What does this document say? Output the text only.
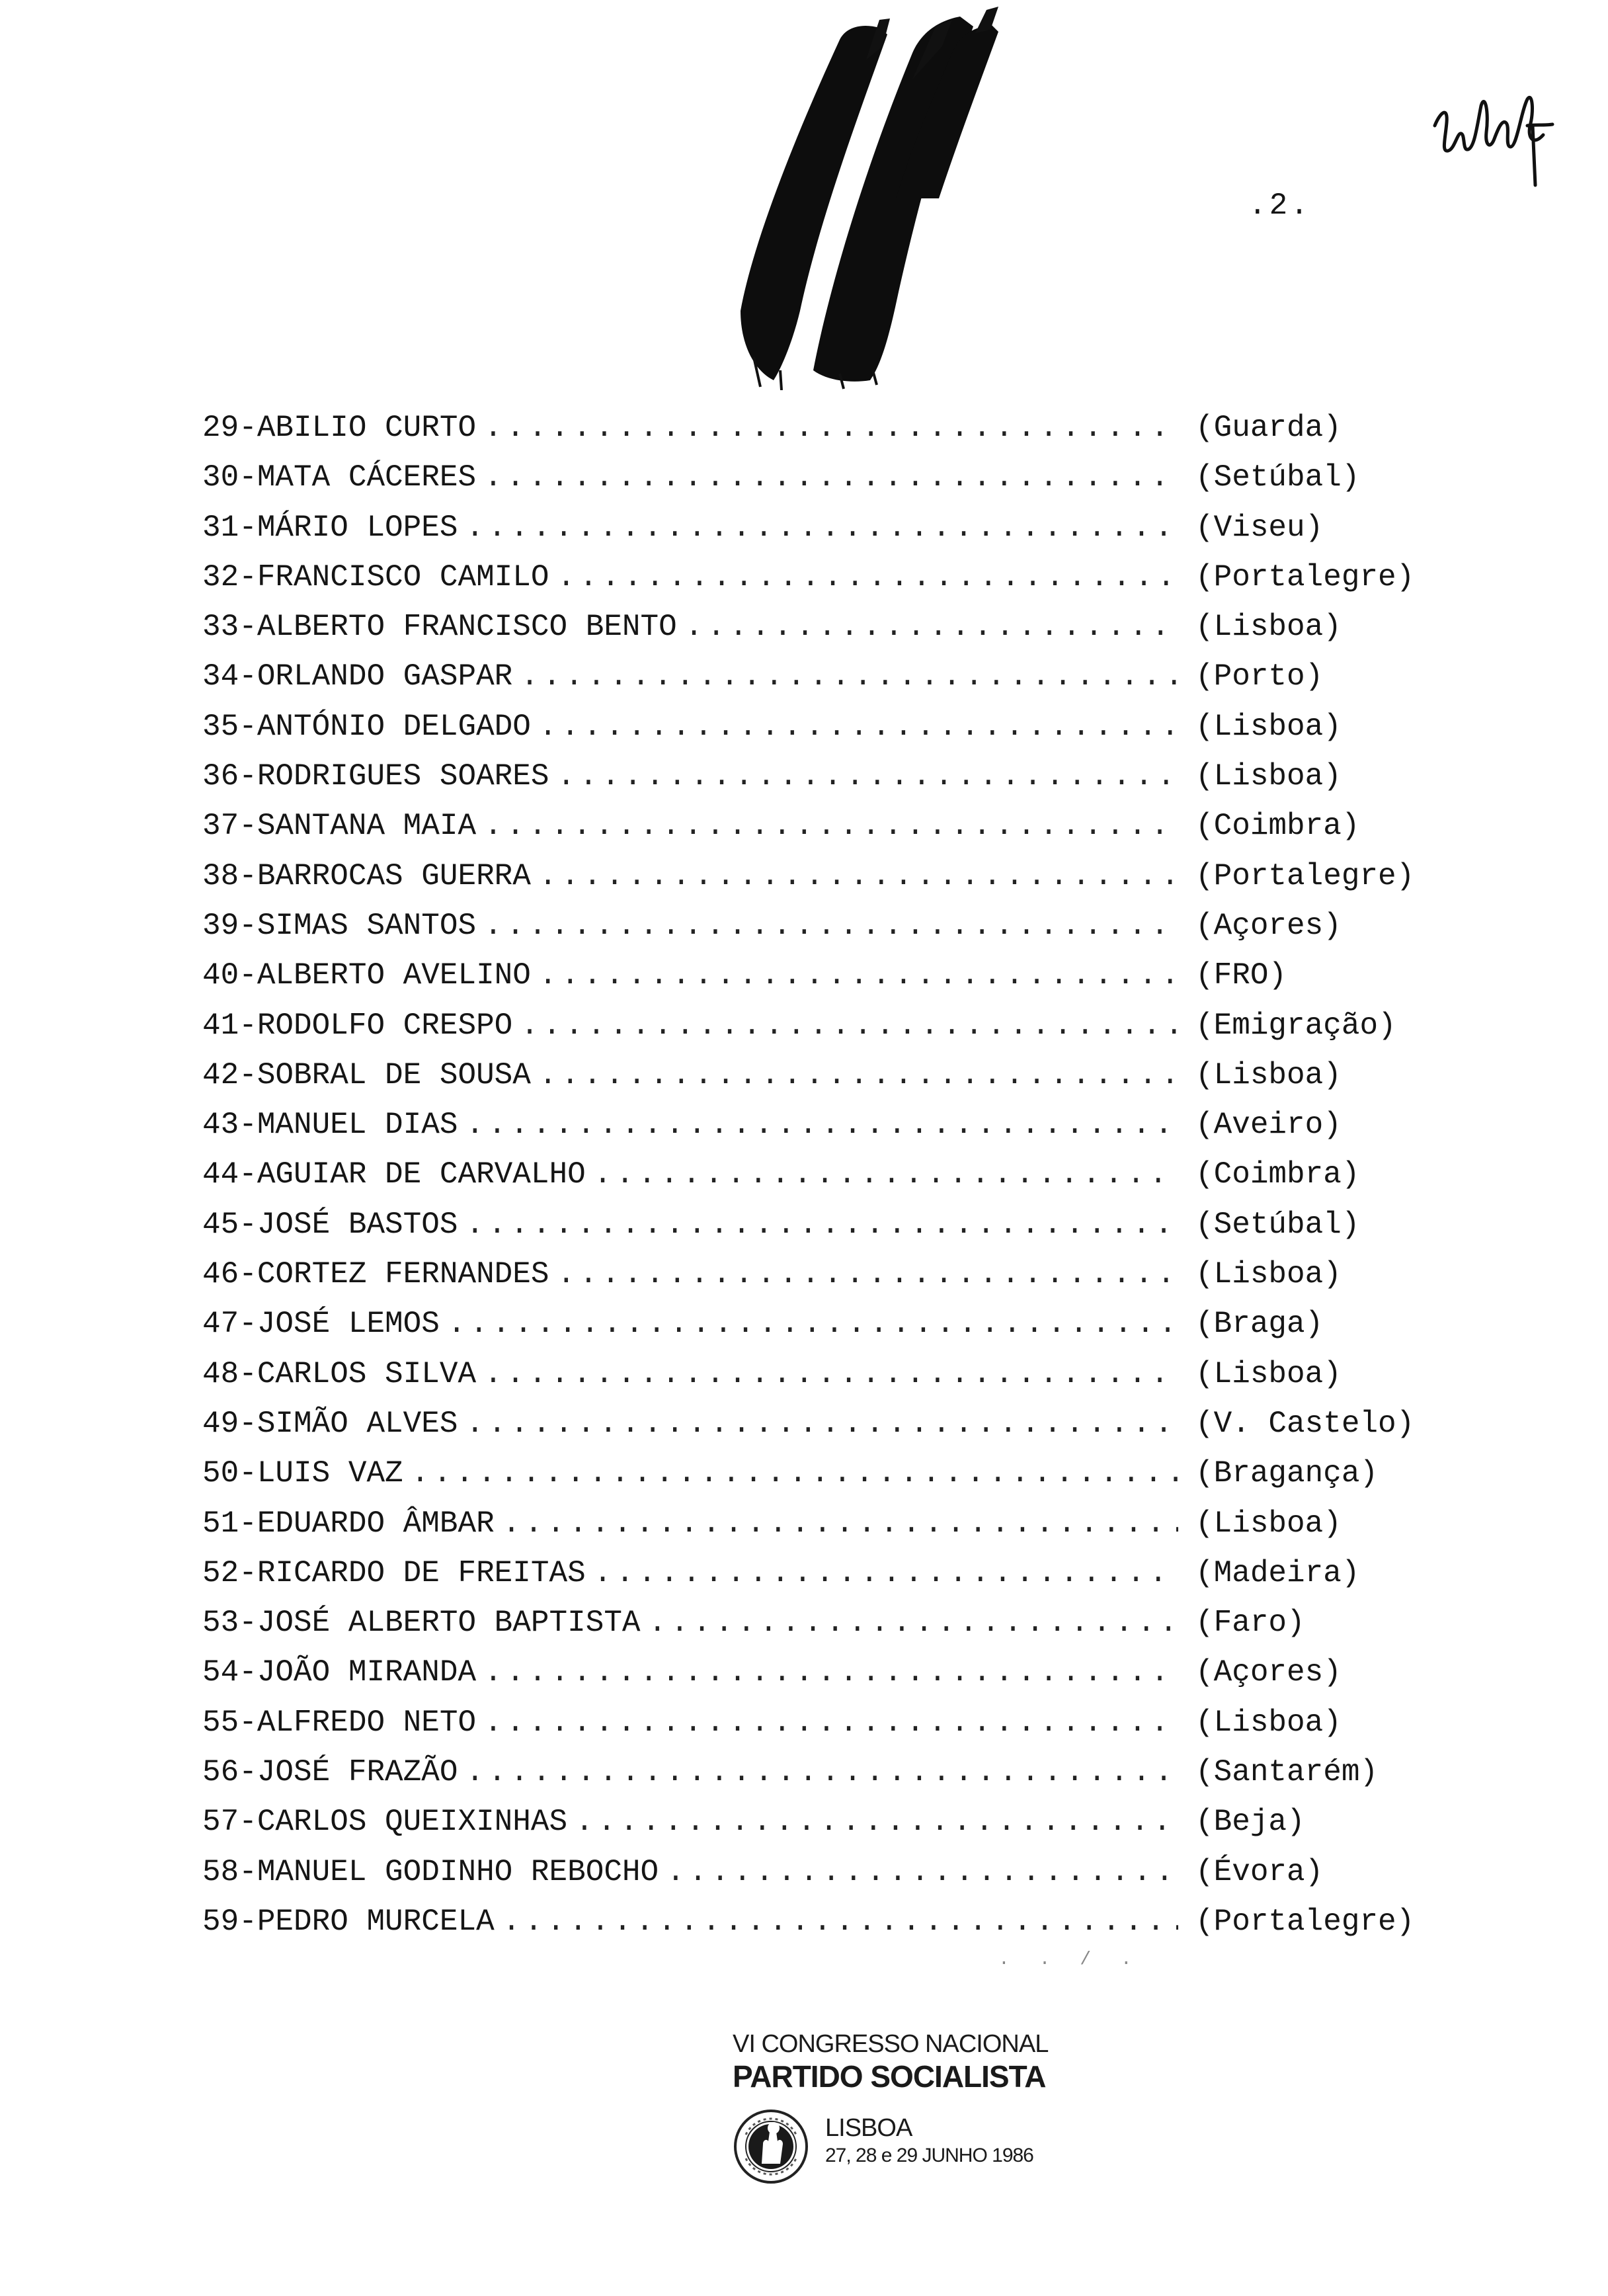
.2.
29 - ABILIO CURTO .....	(Guarda)
30 - MATA CÁCERES .....	(Setúbal)
31 - MÁRIO LOPES .....	(Viseu)
32 - FRANCISCO CAMILO .....	(Portalegre)
33 - ALBERTO FRANCISCO BENTO .....	(Lisboa)
34 - ORLANDO GASPAR .....	(Porto)
35 - ANTÓNIO DELGADO .....	(Lisboa)
36 - RODRIGUES SOARES .....	(Lisboa)
37 - SANTANA MAIA .....	(Coimbra)
38 - BARROCAS GUERRA .....	(Portalegre)
39 - SIMAS SANTOS .....	(Açores)
40 - ALBERTO AVELINO .....	(FRO)
41 - RODOLFO CRESPO .....	(Emigração)
42 - SOBRAL DE SOUSA .....	(Lisboa)
43 - MANUEL DIAS .....	(Aveiro)
44 - AGUIAR DE CARVALHO .....	(Coimbra)
45 - JOSÉ BASTOS .....	(Setúbal)
46 - CORTEZ FERNANDES .....	(Lisboa)
47 - JOSÉ LEMOS .....	(Braga)
48 - CARLOS SILVA .....	(Lisboa)
49 - SIMÃO ALVES .....	(V. Castelo)
50 - LUIS VAZ .....	(Bragança)
51 - EDUARDO ÂMBAR .....	(Lisboa)
52 - RICARDO DE FREITAS .....	(Madeira)
53 - JOSÉ ALBERTO BAPTISTA .....	(Faro)
54 - JOÃO MIRANDA .....	(Açores)
55 - ALFREDO NETO .....	(Lisboa)
56 - JOSÉ FRAZÃO .....	(Santarém)
57 - CARLOS QUEIXINHAS .....	(Beja)
58 - MANUEL GODINHO REBOCHO .....	(Évora)
59 - PEDRO MURCELA .....	(Portalegre)
. . / .
VI CONGRESSO NACIONAL
PARTIDO SOCIALISTA
LISBOA
27, 28 e 29 JUNHO 1986
